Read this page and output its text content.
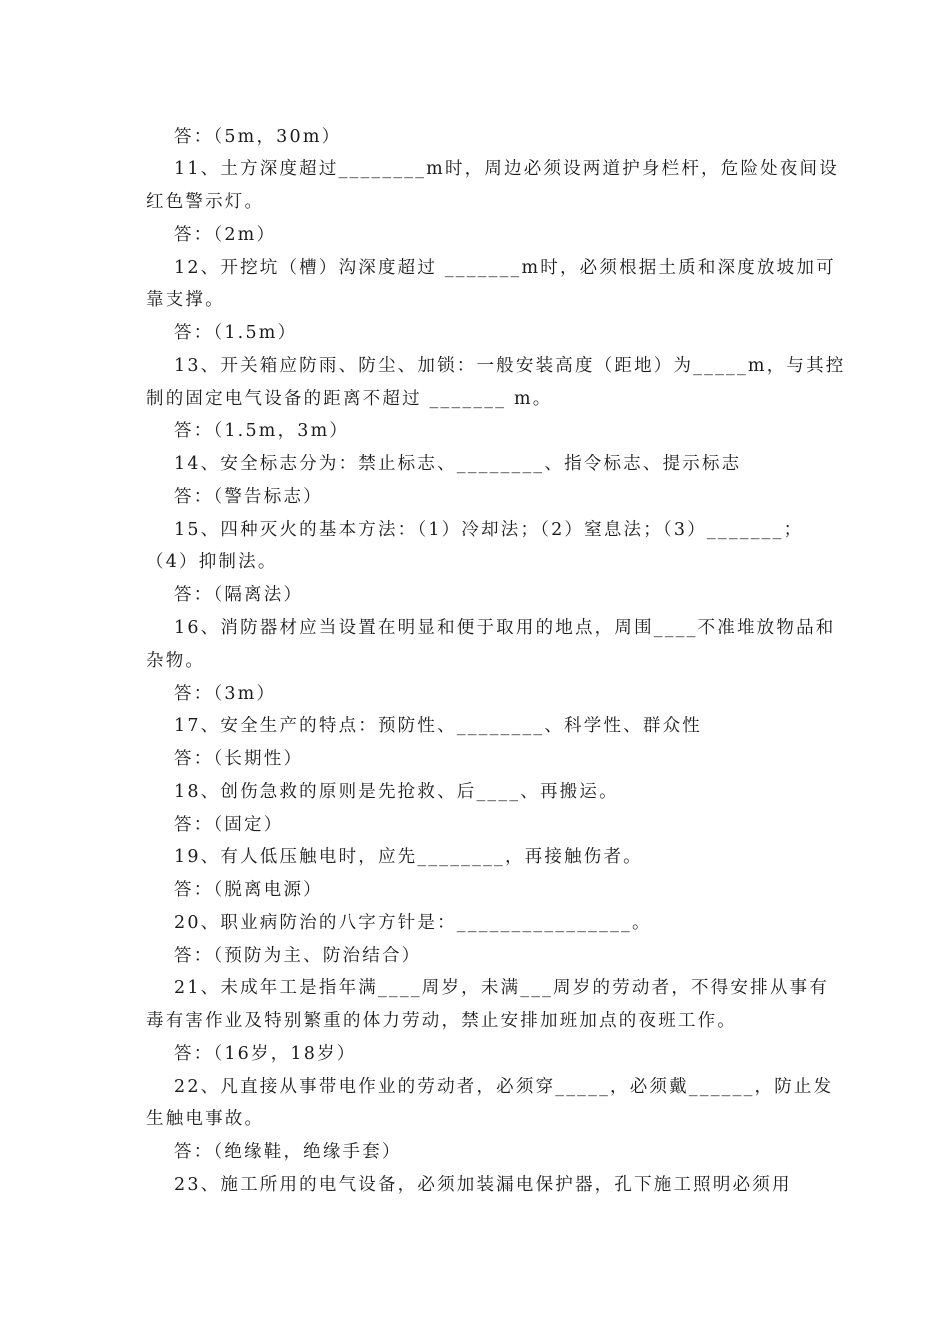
答：（5m，30m）
11、土方深度超过________m时，周边必须设两道护身栏杆，危险处夜间设
红色警示灯。
答：（2m）
12、开挖坑（槽）沟深度超过 _______m时，必须根据土质和深度放坡加可
靠支撑。
答：（1.5m）
13、开关箱应防雨、防尘、加锁：一般安装高度（距地）为_____m，与其控
制的固定电气设备的距离不超过 _______ m。
答：（1.5m，3m）
14、安全标志分为：禁止标志、________、指令标志、提示标志
答：（警告标志）
15、四种灭火的基本方法：（1）冷却法；（2）窒息法；（3）_______；
（4）抑制法。
答：（隔离法）
16、消防器材应当设置在明显和便于取用的地点，周围____不准堆放物品和
杂物。
答：（3m）
17、安全生产的特点：预防性、________、科学性、群众性
答：（长期性）
18、创伤急救的原则是先抢救、后____、再搬运。
答：（固定）
19、有人低压触电时，应先________，再接触伤者。
答：（脱离电源）
20、职业病防治的八字方针是：________________。
答：（预防为主、防治结合）
21、未成年工是指年满____周岁，未满___周岁的劳动者，不得安排从事有
毒有害作业及特别繁重的体力劳动，禁止安排加班加点的夜班工作。
答：（16岁，18岁）
22、凡直接从事带电作业的劳动者，必须穿_____，必须戴______，防止发
生触电事故。
答：（绝缘鞋，绝缘手套）
23、施工所用的电气设备，必须加装漏电保护器，孔下施工照明必须用
